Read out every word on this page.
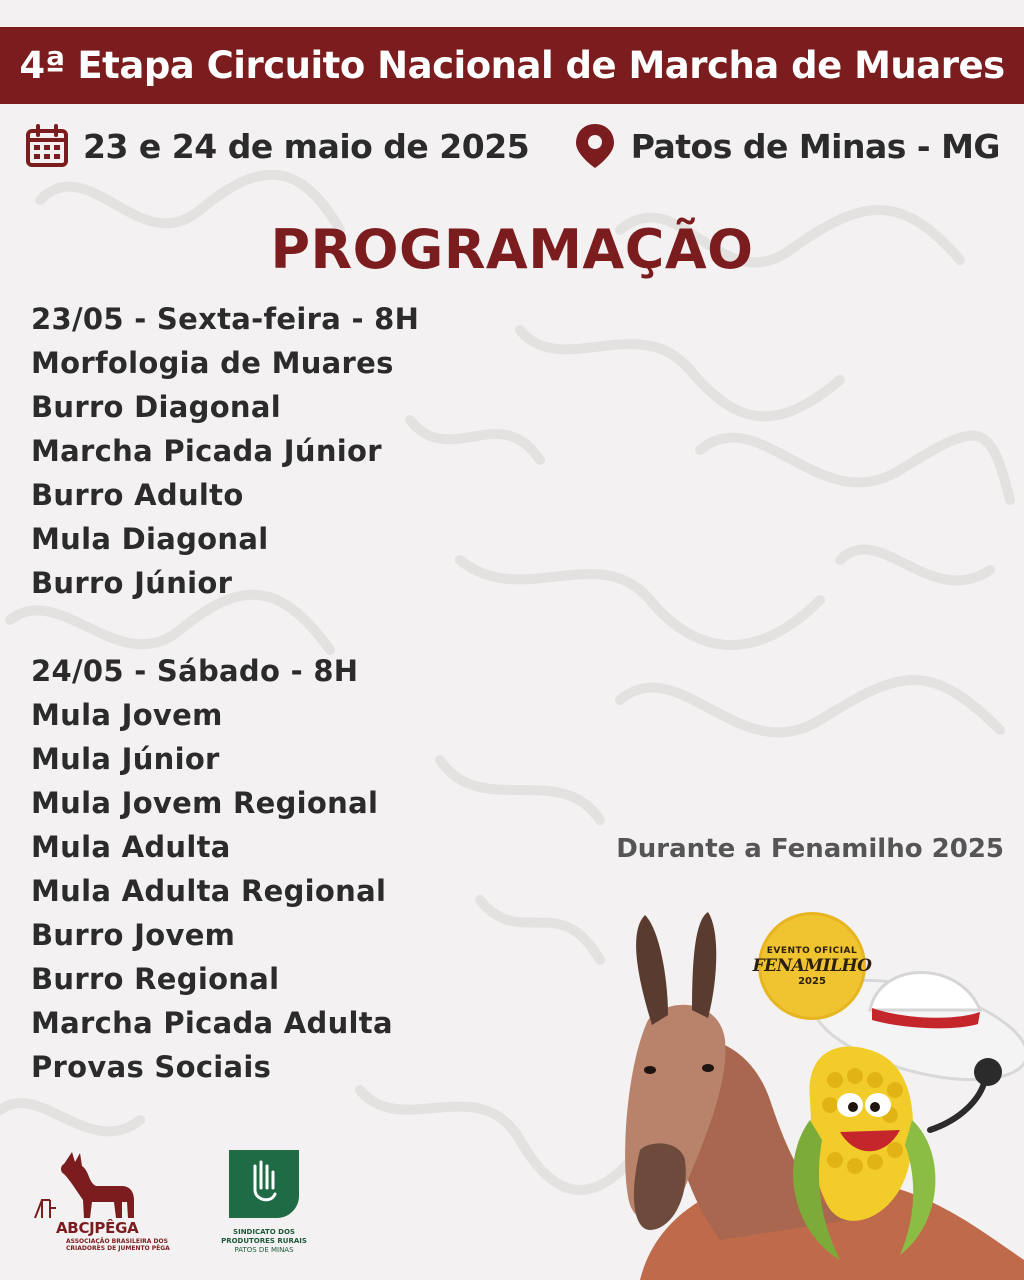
4ª Etapa Circuito Nacional de Marcha de Muares
23 e 24 de maio de 2025	Patos de Minas - MG
PROGRAMAÇÃO
23/05 - Sexta-feira - 8H
Morfologia de Muares
Burro Diagonal
Marcha Picada Júnior
Burro Adulto
Mula Diagonal
Burro Júnior
24/05 - Sábado - 8H
Mula Jovem
Mula Júnior
Mula Jovem Regional
Mula Adulta
Mula Adulta Regional
Burro Jovem
Burro Regional
Marcha Picada Adulta
Provas Sociais
Durante a Fenamilho 2025
EVENTO OFICIAL
FENAMILHO
2025
ABCJPÊGA
ASSOCIAÇÃO BRASILEIRA DOS
CRIADORES DE JUMENTO PÊGA
SINDICATO DOS
PRODUTORES RURAIS
PATOS DE MINAS
